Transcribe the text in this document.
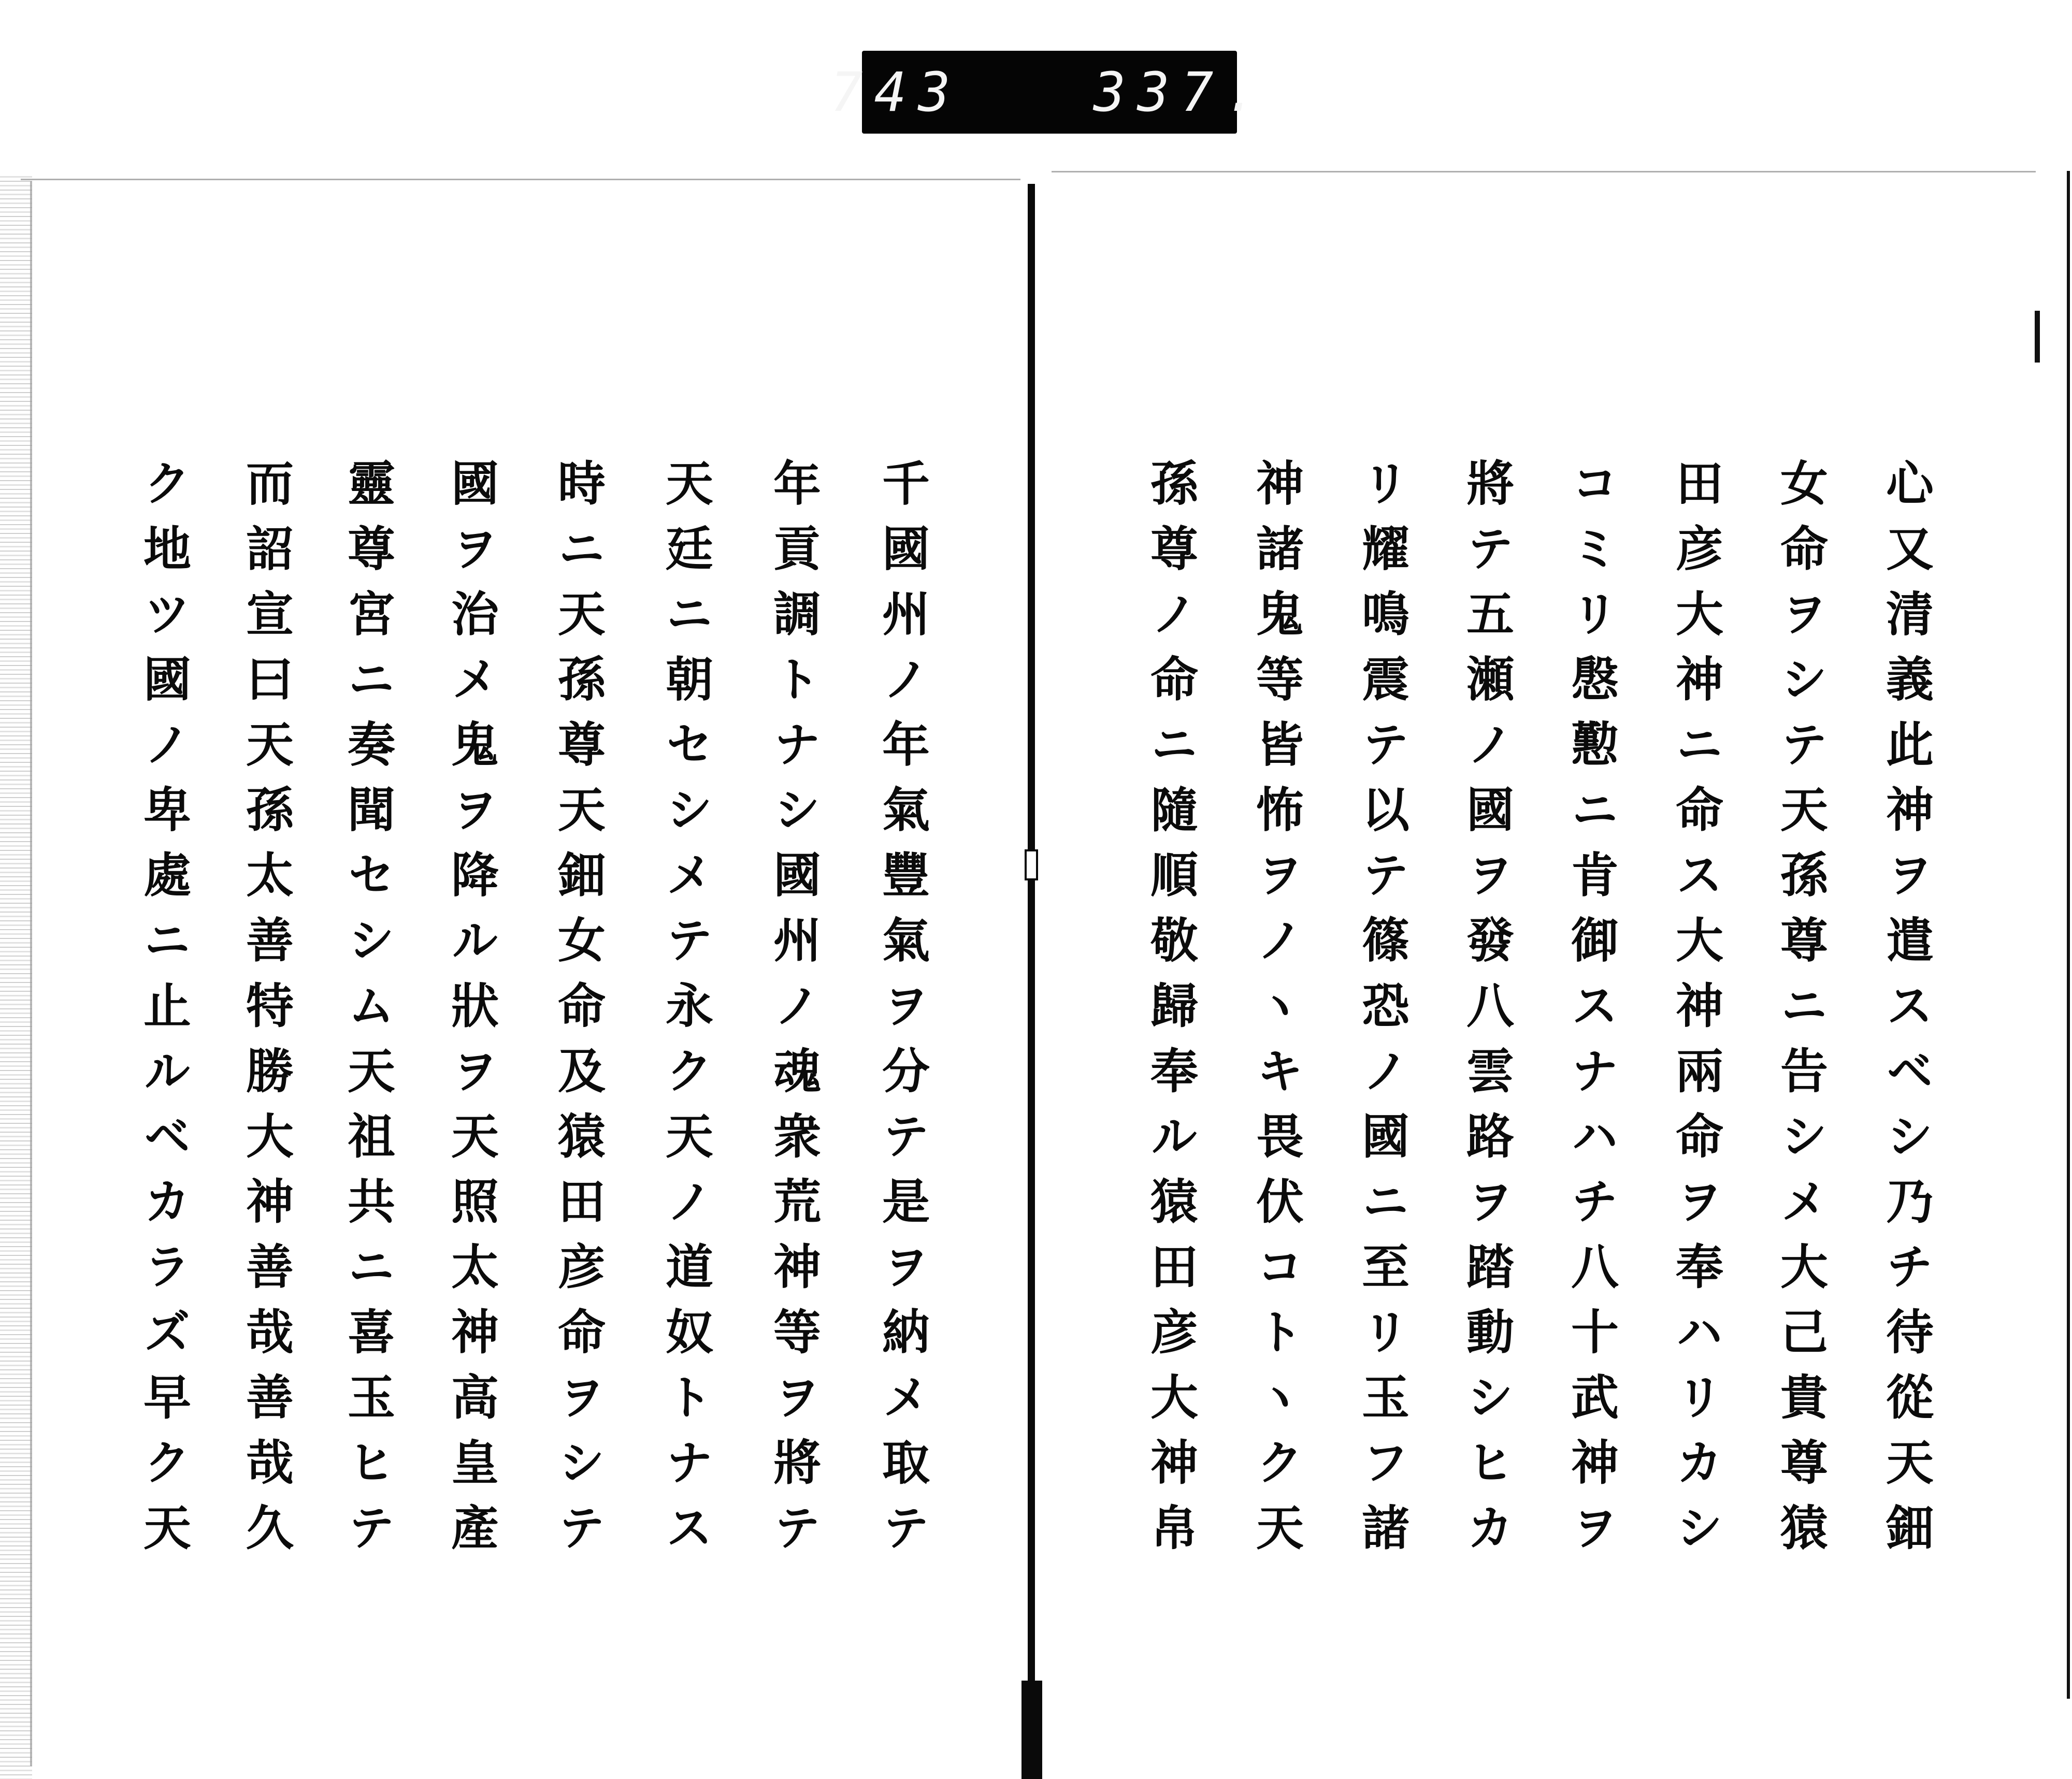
743   337.
心又清義此神ヲ遣スベシ乃チ待從天鈿
女命ヲシテ天孫尊ニ告シメ大己貴尊猿
田彦大神ニ命ス大神兩命ヲ奉ハリカシ
コミリ慇懃ニ肯御スナハチ八十武神ヲ
將テ五瀬ノ國ヲ發八雲路ヲ踏動シヒカ
リ耀鳴震テ以テ篠恐ノ國ニ至リ玉フ諸
神諸鬼等皆怖ヲノヽキ畏伏コトヽク天
孫尊ノ命ニ隨順敬歸奉ル猿田彦大神帛
千國州ノ年氣豐氣ヲ分テ是ヲ納メ取テ
年貢調トナシ國州ノ魂衆荒神等ヲ將テ
天廷ニ朝セシメテ永ク天ノ道奴トナス
時ニ天孫尊天鈿女命及猿田彦命ヲシテ
國ヲ治メ鬼ヲ降ル狀ヲ天照太神高皇產
靈尊宮ニ奏聞セシム天祖共ニ喜玉ヒテ
而詔宣曰天孫太善特勝大神善哉善哉久
ク地ツ國ノ卑處ニ止ルベカラズ早ク天
